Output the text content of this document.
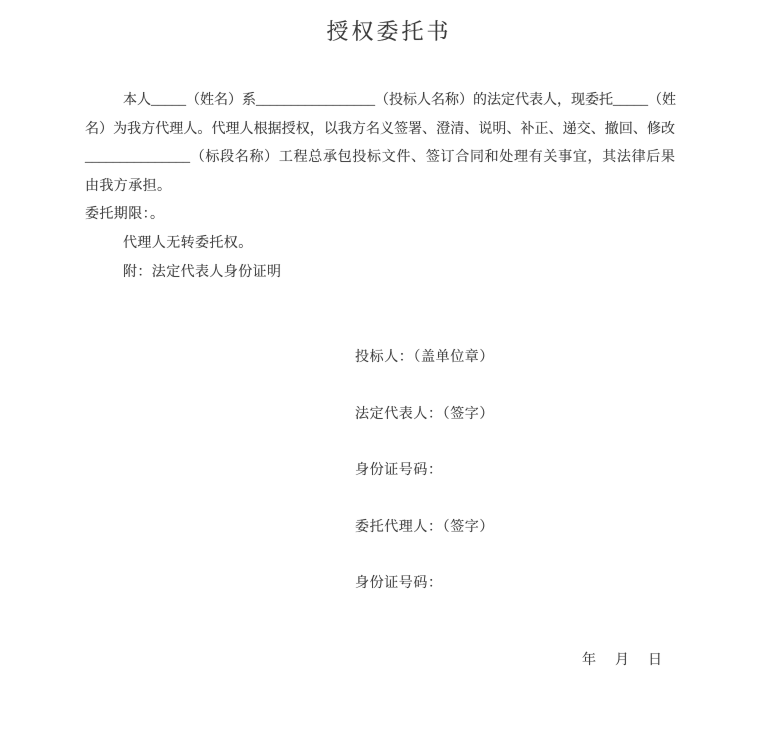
授权委托书

本人_____（姓名）系_________________（投标人名称）的法定代表人，现委托_____（姓

名）为我方代理人。代理人根据授权，以我方名义签署、澄清、说明、补正、递交、撤回、修改

_______________（标段名称）工程总承包投标文件、签订合同和处理有关事宜，其法律后果

由我方承担。

委托期限：。

代理人无转委托权。

附：法定代表人身份证明

投标人：（盖单位章）

法定代表人：（签字）

身份证号码：

委托代理人：（签字）

身份证号码：

年 月 日
